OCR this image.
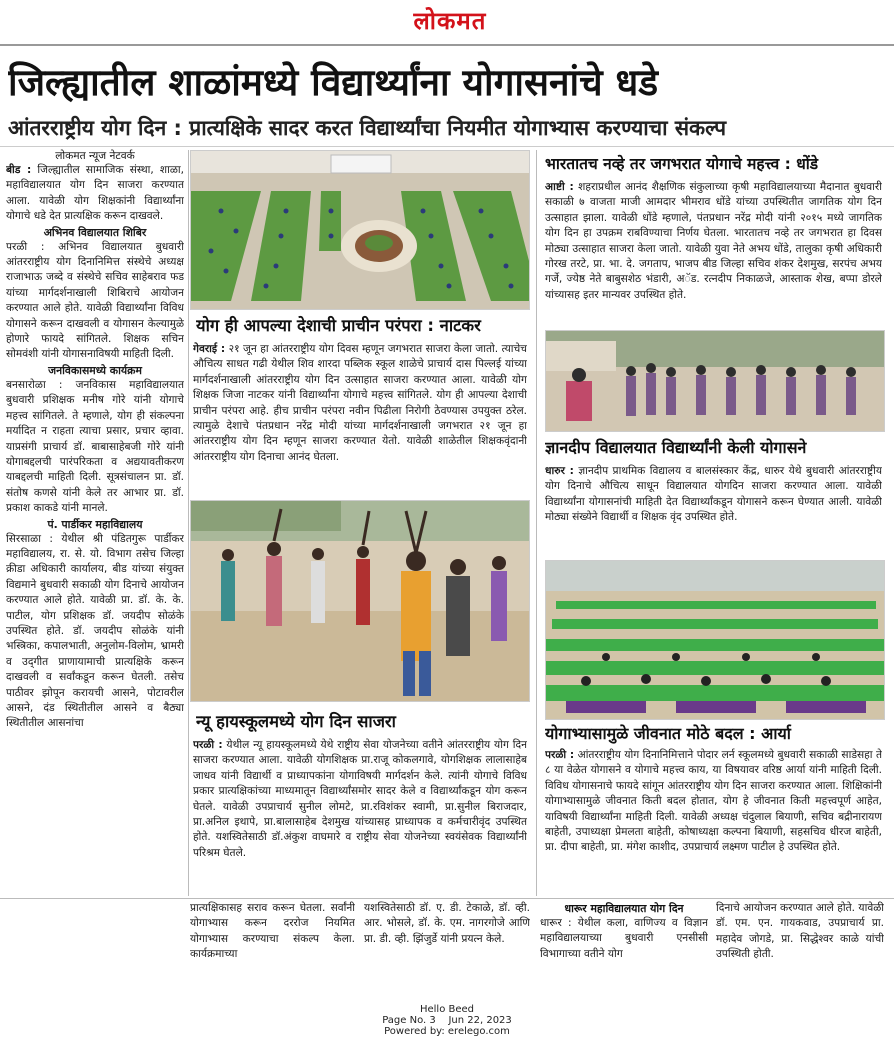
लोकमत
जिल्ह्यातील शाळांमध्ये विद्यार्थ्यांना योगासनांचे धडे
आंतरराष्ट्रीय योग दिन : प्रात्यक्षिके सादर करत विद्यार्थ्यांचा नियमीत योगाभ्यास करण्याचा संकल्प
लोकमत न्यूज नेटवर्क

बीड : जिल्ह्यातील सामाजिक संस्था, शाळा, महाविद्यालयात योग दिन साजरा करण्यात आला. यावेळी योग शिक्षकांनी विद्यार्थ्यांना योगाचे धडे देत प्रात्यक्षिक करून दाखवले.

अभिनव विद्यालयात शिबिर

परळी : अभिनव विद्यालयात बुधवारी आंतरराष्ट्रीय योग दिनानिमित्त संस्थेचे अध्यक्ष राजाभाऊ जब्दे व संस्थेचे सचिव साहेबराव फड यांच्या मार्गदर्शनाखाली शिबिराचे आयोजन करण्यात आले होते. यावेळी विद्यार्थ्यांना विविध योगासने करून दाखवली व योगासन केल्यामुळे होणारे फायदे सांगितले. शिक्षक सचिन सोमवंशी यांनी योगासनाविषयी माहिती दिली.

जनविकासमध्ये कार्यक्रम

बनसारोळा : जनविकास महाविद्यालयात बुधवारी प्रशिक्षक मनीष गोरे यांनी योगाचे महत्त्व सांगितले. ते म्हणाले, योग ही संकल्पना मर्यादित न राहता त्याचा प्रसार, प्रचार व्हावा. याप्रसंगी प्राचार्य डॉ. बाबासाहेबजी गोरे यांनी योगाबद्दलची पारंपरिकता व अद्ययावतीकरण याबद्दलची माहिती दिली. सूत्रसंचालन प्रा. डॉ. संतोष कणसे यांनी केले तर आभार प्रा. डॉ. प्रकाश काकडे यांनी मानले.

पं. पार्डीकर महाविद्यालय

सिरसाळा : येथील श्री पंडितगुरू पार्डीकर महाविद्यालय, रा. से. यो. विभाग तसेच जिल्हा क्रीडा अधिकारी कार्यालय, बीड यांच्या संयुक्त विद्यमाने बुधवारी सकाळी योग दिनाचे आयोजन करण्यात आले होते. यावेळी प्रा. डॉ. के. के. पाटील, योग प्रशिक्षक डॉ. जयदीप सोळंके उपस्थित होते. डॉ. जयदीप सोळंके यांनी भस्त्रिका, कपालभाती, अनुलोम-विलोम, भ्रामरी व उद्‌गीत प्राणायामाची प्रात्यक्षिके करून दाखवली व सर्वांकडून करून घेतली. तसेच पाठीवर झोपून करायची आसने, पोटावरील आसने, दंड स्थितीतील आसने व बैठ्या स्थितीतील आसनांचा

योग ही आपल्या देशाची प्राचीन परंपरा : नाटकर

गेवराई : २१ जून हा आंतरराष्ट्रीय योग दिवस म्हणून जगभरात साजरा केला जातो. त्याचेच औचित्य साधत गढी येथील शिव शारदा पब्लिक स्कूल शाळेचे प्राचार्य दास पिल्लई यांच्या मार्गदर्शनाखाली आंतरराष्ट्रीय योग दिन उत्साहात साजरा करण्यात आला. यावेळी योग शिक्षक जिजा नाटकर यांनी विद्यार्थ्यांना योगाचे महत्त्व सांगितले. योग ही आपल्या देशाची प्राचीन परंपरा आहे. हीच प्राचीन परंपरा नवीन पिढीला निरोगी ठेवण्यास उपयुक्त ठरेल. त्यामुळे देशाचे पंतप्रधान नरेंद्र मोदी यांच्या मार्गदर्शनाखाली जगभरात २१ जून हा आंतरराष्ट्रीय योग दिन म्हणून साजरा करण्यात येतो. यावेळी शाळेतील शिक्षकवृंदानी आंतरराष्ट्रीय योग दिनाचा आनंद घेतला.

न्यू हायस्कूलमध्ये योग दिन साजरा

परळी : येथील न्यू हायस्कूलमध्ये येथे राष्ट्रीय सेवा योजनेच्या वतीने आंतरराष्ट्रीय योग दिन साजरा करण्यात आला. यावेळी योगशिक्षक प्रा.राजू कोकलगावे, योगशिक्षक लालासाहेब जाधव यांनी विद्यार्थी व प्राध्यापकांना योगाविषयी मार्गदर्शन केले. त्यांनी योगाचे विविध प्रकार प्रात्यक्षिकांच्या माध्यमातून विद्यार्थ्यांसमोर सादर केले व विद्यार्थ्यांकडून योग करून घेतले. यावेळी उपप्राचार्य सुनील लोमटे, प्रा.रविशंकर स्वामी, प्रा.सुनील बिराजदार, प्रा.अनिल इथापे, प्रा.बालासाहेब देशमुख यांच्यासह प्राध्यापक व कर्मचारीवृंद उपस्थित होते. यशस्वितेसाठी डॉ.अंकुश वाघमारे व राष्ट्रीय सेवा योजनेच्या स्वयंसेवक विद्यार्थ्यांनी परिश्रम घेतले.

भारतातच नव्हे तर जगभरात योगाचे महत्त्व : धोंडे

आष्टी : शहराप्रधील आनंद शैक्षणिक संकुलाच्या कृषी महाविद्यालयाच्या मैदानात बुधवारी सकाळी ७ वाजता माजी आमदार भीमराव धोंडे यांच्या उपस्थितीत जागतिक योग दिन उत्साहात झाला. यावेळी धोंडे म्हणाले, पंतप्रधान नरेंद्र मोदी यांनी २०१५ मध्ये जागतिक योग दिन हा उपक्रम राबविण्याचा निर्णय घेतला. भारतातच नव्हे तर जगभरात हा दिवस मोठ्या उत्साहात साजरा केला जातो. यावेळी युवा नेते अभय धोंडे, तालुका कृषी अधिकारी गोरख तरटे, प्रा. भा. दे. जगताप, भाजप बीड जिल्हा सचिव शंकर देशमुख, सरपंच अभय गर्जे, ज्येष्ठ नेते बाबुसशेठ भंडारी, अॅड. रत्नदीप निकाळजे, आस्ताक शेख, बप्पा डोरले यांच्यासह इतर मान्यवर उपस्थित होते.

ज्ञानदीप विद्यालयात विद्यार्थ्यांनी केली योगासने

धारुर : ज्ञानदीप प्राथमिक विद्यालय व बालसंस्कार केंद्र, धारुर येथे बुधवारी आंतरराष्ट्रीय योग दिनाचे औचित्य साधून विद्यालयात योगदिन साजरा करण्यात आला. यावेळी विद्यार्थ्यांना योगासनांची माहिती देत विद्यार्थ्यांकडून योगासने करून घेण्यात आली. यावेळी मोठ्या संख्येने विद्यार्थी व शिक्षक वृंद उपस्थित होते.

योगाभ्यासामुळे जीवनात मोठे बदल : आर्या

परळी : आंतरराष्ट्रीय योग दिनानिमित्ताने पोदार लर्न स्कूलमध्ये बुधवारी सकाळी साडेसहा ते ८ या वेळेत योगासने व योगाचे महत्त्व काय, या विषयावर वरिष्ठ आर्या यांनी माहिती दिली. विविध योगासनाचे फायदे सांगून आंतरराष्ट्रीय योग दिन साजरा करण्यात आला. शिक्षिकांनी योगाभ्यासामुळे जीवनात किती बदल होतात, योग हे जीवनात किती महत्त्वपूर्ण आहेत, याविषयी विद्यार्थ्यांना माहिती दिली. यावेळी अध्यक्ष चंदुलाल बियाणी, सचिव बद्रीनारायण बाहेती, उपाध्यक्षा प्रेमलता बाहेती, कोषाध्यक्षा कल्पना बियाणी, सहसचिव धीरज बाहेती, प्रा. दीपा बाहेती, प्रा. मंगेश काशीद, उपप्राचार्य लक्ष्मण पाटील हे उपस्थित होते.

प्रात्यक्षिकासह सराव करून घेतला. सर्वांनी योगाभ्यास करून दररोज नियमित योगाभ्यास करण्याचा संकल्प केला. कार्यक्रमाच्या
यशस्वितेसाठी डॉ. ए. डी. टेकाळे, डॉ. व्ही. आर. भोसले, डॉ. के. एम. नागरगोजे आणि प्रा. डी. व्ही. झिंजुर्डे यांनी प्रयत्न केले.
धारूर महाविद्यालयात योग दिन
धारूर : येथील कला, वाणिज्य व विज्ञान महाविद्यालयाच्या बुधवारी एनसीसी विभागाच्या वतीने योग
दिनाचे आयोजन करण्यात आले होते. यावेळी डॉ. एम. एन. गायकवाड, उपप्राचार्य प्रा. महादेव जोगडे, प्रा. सिद्धेश्वर काळे यांची उपस्थिती होती.
Hello Beed
Page No. 3    Jun 22, 2023
Powered by: erelego.com
